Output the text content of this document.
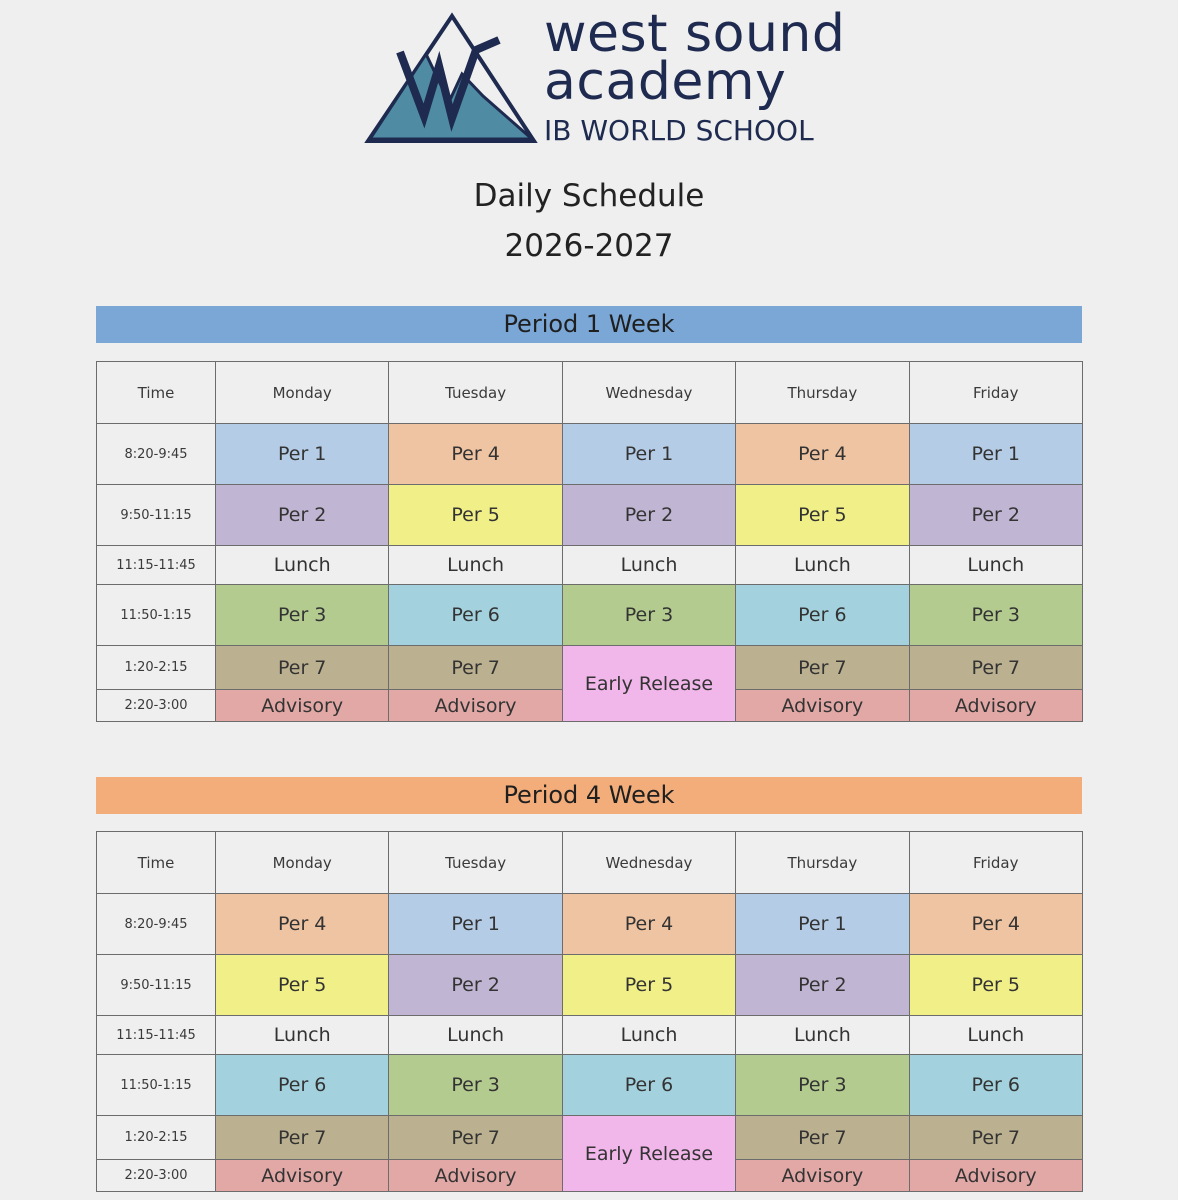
west sound
academy
IB WORLD SCHOOL
Daily Schedule
2026-2027
Period 1 Week
Time	Monday	Tuesday	Wednesday	Thursday	Friday
8:20-9:45	Per 1	Per 4	Per 1	Per 4	Per 1
9:50-11:15	Per 2	Per 5	Per 2	Per 5	Per 2
11:15-11:45	Lunch	Lunch	Lunch	Lunch	Lunch
11:50-1:15	Per 3	Per 6	Per 3	Per 6	Per 3
1:20-2:15	Per 7	Per 7	Early Release	Per 7	Per 7
2:20-3:00	Advisory	Advisory		Advisory	Advisory
Period 4 Week
Time	Monday	Tuesday	Wednesday	Thursday	Friday
8:20-9:45	Per 4	Per 1	Per 4	Per 1	Per 4
9:50-11:15	Per 5	Per 2	Per 5	Per 2	Per 5
11:15-11:45	Lunch	Lunch	Lunch	Lunch	Lunch
11:50-1:15	Per 6	Per 3	Per 6	Per 3	Per 6
1:20-2:15	Per 7	Per 7	Early Release	Per 7	Per 7
2:20-3:00	Advisory	Advisory		Advisory	Advisory
